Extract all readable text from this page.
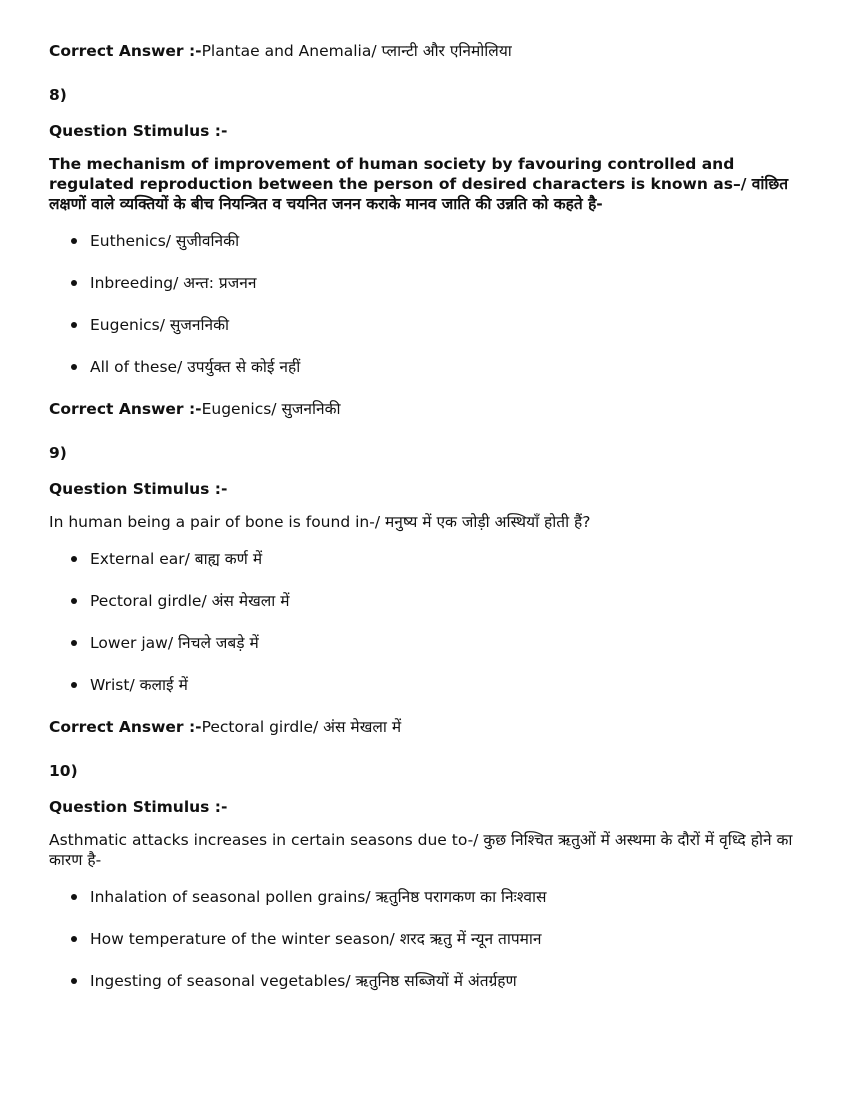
Correct Answer :-Plantae and Anemalia/ प्लान्टी और एनिमोलिया
8)
Question Stimulus :-
The mechanism of improvement of human society by favouring controlled and regulated reproduction between the person of desired characters is known as–/ वांछित लक्षणों वाले व्यक्तियों के बीच नियन्त्रित व चयनित जनन कराके मानव जाति की उन्नति को कहते है-
Euthenics/ सुजीवनिकी
Inbreeding/ अन्त: प्रजनन
Eugenics/ सुजननिकी
All of these/ उपर्युक्त से कोई नहीं
Correct Answer :-Eugenics/ सुजननिकी
9)
Question Stimulus :-
In human being a pair of bone is found in-/ मनुष्य में एक जोड़ी अस्थियाँ होती हैं?
External ear/ बाह्य कर्ण में
Pectoral girdle/ अंस मेखला में
Lower jaw/ निचले जबड़े में
Wrist/ कलाई में
Correct Answer :-Pectoral girdle/ अंस मेखला में
10)
Question Stimulus :-
Asthmatic attacks increases in certain seasons due to-/ कुछ निश्चित ऋतुओं में अस्थमा के दौरों में वृध्दि होने का कारण है-
Inhalation of seasonal pollen grains/ ऋतुनिष्ठ परागकण का निःश्वास
How temperature of the winter season/ शरद ऋतु में न्यून तापमान
Ingesting of seasonal vegetables/ ऋतुनिष्ठ सब्जियों में अंतर्ग्रहण
